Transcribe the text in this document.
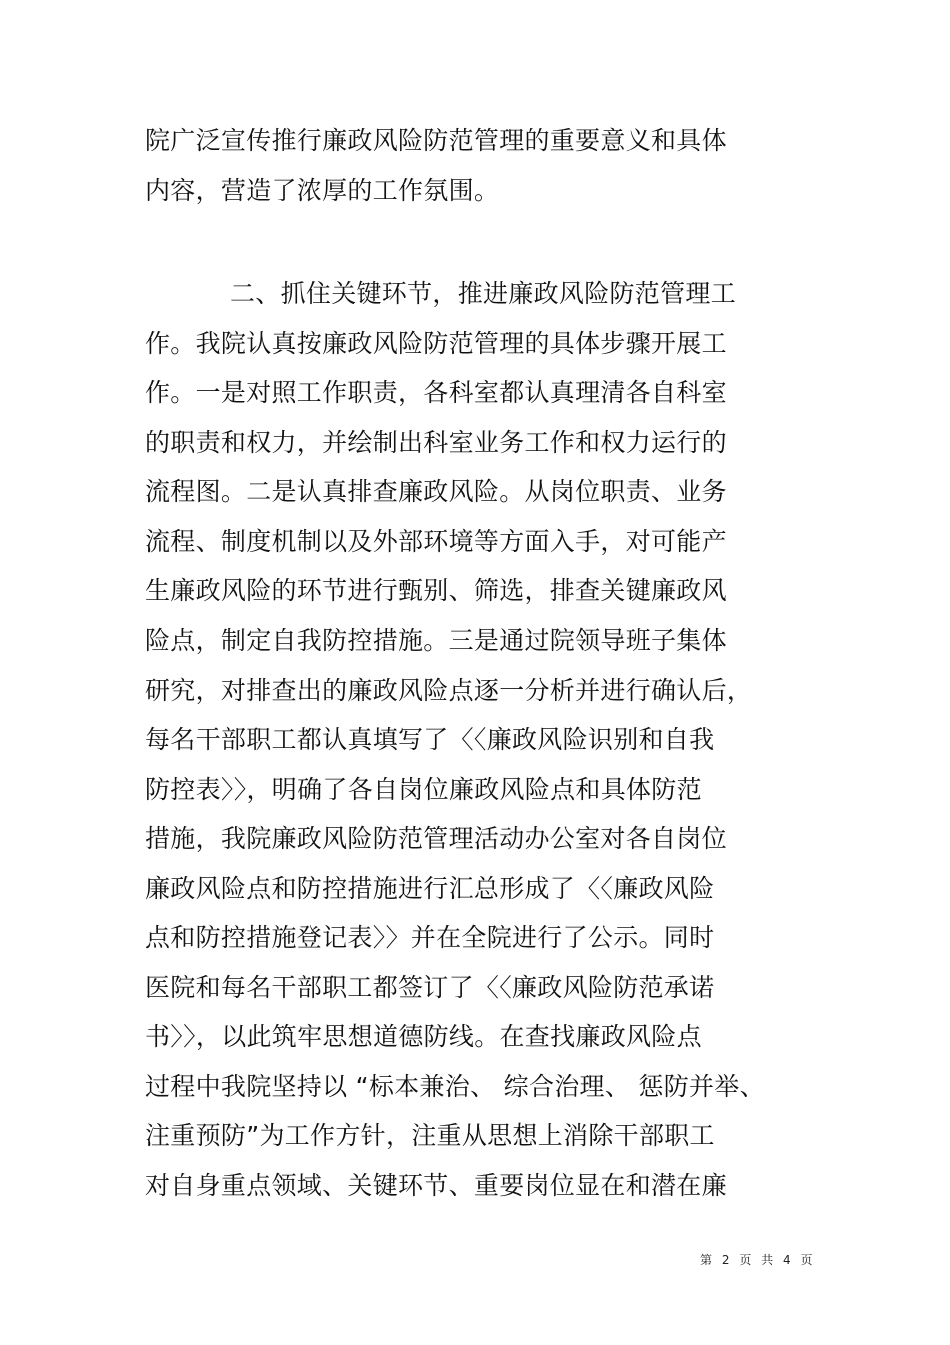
院广泛宣传推行廉政风险防范管理的重要意义和具体
内容，营造了浓厚的工作氛围。
二、抓住关键环节，推进廉政风险防范管理工
作。我院认真按廉政风险防范管理的具体步骤开展工
作。一是对照工作职责，各科室都认真理清各自科室
的职责和权力，并绘制出科室业务工作和权力运行的
流程图。二是认真排查廉政风险。从岗位职责、业务
流程、制度机制以及外部环境等方面入手，对可能产
生廉政风险的环节进行甄别、筛选，排查关键廉政风
险点，制定自我防控措施。三是通过院领导班子集体
研究，对排查出的廉政风险点逐一分析并进行确认后，
每名干部职工都认真填写了〈〈廉政风险识别和自我
防控表〉〉，明确了各自岗位廉政风险点和具体防范
措施，我院廉政风险防范管理活动办公室对各自岗位
廉政风险点和防控措施进行汇总形成了〈〈廉政风险
点和防控措施登记表〉〉并在全院进行了公示。同时
医院和每名干部职工都签订了〈〈廉政风险防范承诺
书〉〉，以此筑牢思想道德防线。在查找廉政风险点
过程中我院坚持以 “标本兼治、 综合治理、 惩防并举、
注重预防”为工作方针，注重从思想上消除干部职工
对自身重点领域、关键环节、重要岗位显在和潜在廉
第 2 页 共 4 页
